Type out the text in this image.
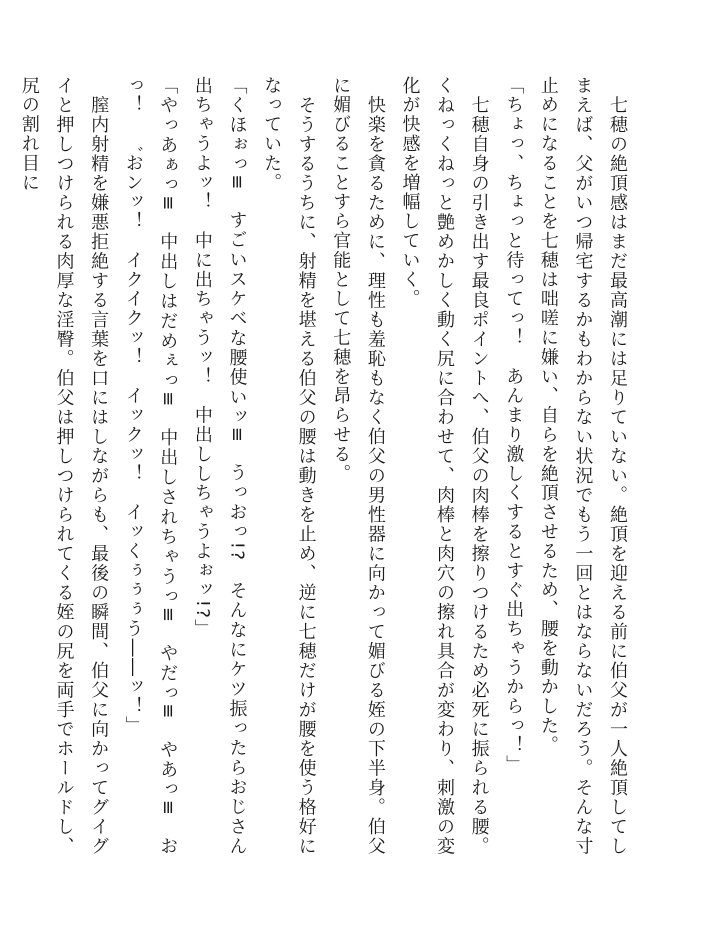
　七穂の絶頂感はまだ最高潮には足りていない。絶頂を迎える前に伯父が一人絶頂してしまえば、父がいつ帰宅するかもわからない状況でもう一回とはならないだろう。そんな寸止めになることを七穂は咄嗟に嫌い、自らを絶頂させるため、腰を動かした。

「ちょっ、ちょっと待ってっ！　あんまり激しくするとすぐ出ちゃうからっ！」

　七穂自身の引き出す最良ポイントへ、伯父の肉棒を擦りつけるため必死に振られる腰。くねっくねっと艶めかしく動く尻に合わせて、肉棒と肉穴の擦れ具合が変わり、刺激の変化が快感を増幅していく。

　快楽を貪るために、理性も羞恥もなく伯父の男性器に向かって媚びる姪の下半身。伯父に媚びることすら官能として七穂を昂らせる。

　そうするうちに、射精を堪える伯父の腰は動きを止め、逆に七穂だけが腰を使う格好になっていた。

「くほぉっ≡　すごいスケベな腰使いッ≡　うっおっ!?　そんなにケツ振ったらおじさん出ちゃうよッ！　中に出ちゃうッ！　中出ししちゃうよぉッ!?」

「やっあぁっ≡　中出しはだめぇっ≡　中出しされちゃうっ≡　やだっ≡　やあっ≡　おっ！　゛おンッ！　イクイクッ！　イックッ！　イッくぅぅぅう――ッ！」

　膣内射精を嫌悪拒絶する言葉を口にはしながらも、最後の瞬間、伯父に向かってグイグイと押しつけられる肉厚な淫臀。伯父は押しつけられてくる姪の尻を両手でホールドし、尻の割れ目に
